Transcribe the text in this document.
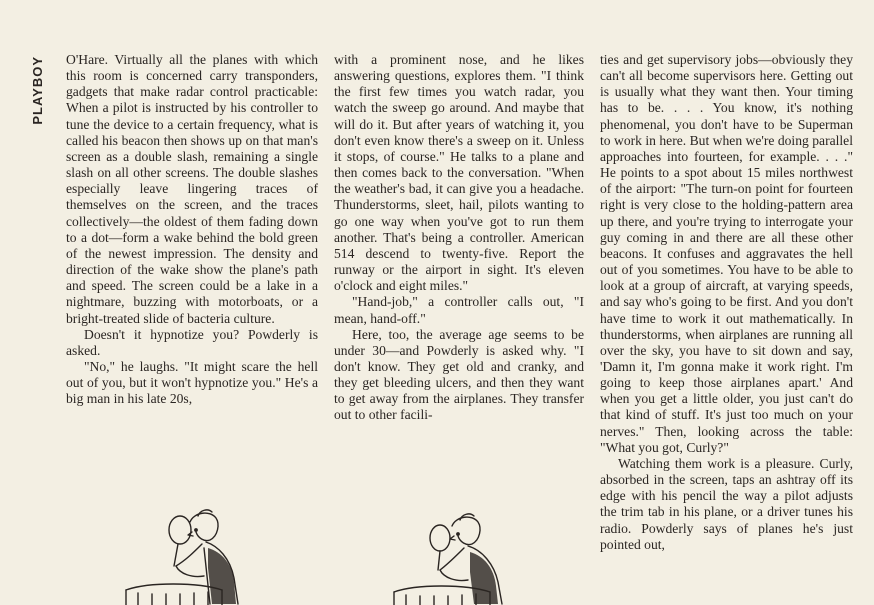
PLAYBOY O'Hare. Virtually all the planes with which this room is concerned carry transponders, gadgets that make radar control practicable: When a pilot is instructed by his controller to tune the device to a certain frequency, what is called his beacon then shows up on that man's screen as a double slash, remaining a single slash on all other screens. The double slashes especially leave lingering traces of themselves on the screen, and the traces collectively—the oldest of them fading down to a dot—form a wake behind the bold green of the newest impression. The density and direction of the wake show the plane's path and speed. The screen could be a lake in a nightmare, buzzing with motorboats, or a bright-treated slide of bacteria culture.

Doesn't it hypnotize you? Powderly is asked.

"No," he laughs. "It might scare the hell out of you, but it won't hypnotize you." He's a big man in his late 20s,

with a prominent nose, and he likes answering questions, explores them. "I think the first few times you watch radar, you watch the sweep go around. And maybe that will do it. But after years of watching it, you don't even know there's a sweep on it. Unless it stops, of course." He talks to a plane and then comes back to the conversation. "When the weather's bad, it can give you a headache. Thunderstorms, sleet, hail, pilots wanting to go one way when you've got to run them another. That's being a controller. American 514 descend to twenty-five. Report the runway or the airport in sight. It's eleven o'clock and eight miles."

"Hand-job," a controller calls out, "I mean, hand-off."

Here, too, the average age seems to be under 30—and Powderly is asked why. "I don't know. They get old and cranky, and they get bleeding ulcers, and then they want to get away from the airplanes. They transfer out to other facili-

ties and get supervisory jobs—obviously they can't all become supervisors here. Getting out is usually what they want then. Your timing has to be. . . . You know, it's nothing phenomenal, you don't have to be Superman to work in here. But when we're doing parallel approaches into fourteen, for example. . . ." He points to a spot about 15 miles northwest of the airport: "The turn-on point for fourteen right is very close to the holding-pattern area up there, and you're trying to interrogate your guy coming in and there are all these other beacons. It confuses and aggravates the hell out of you sometimes. You have to be able to look at a group of aircraft, at varying speeds, and say who's going to be first. And you don't have time to work it out mathematically. In thunderstorms, when airplanes are running all over the sky, you have to sit down and say, 'Damn it, I'm gonna make it work right. I'm going to keep those airplanes apart.' And when you get a little older, you just can't do that kind of stuff. It's just too much on your nerves." Then, looking across the table: "What you got, Curly?"

Watching them work is a pleasure. Curly, absorbed in the screen, taps an ashtray off its edge with his pencil the way a pilot adjusts the trim tab in his plane, or a driver tunes his radio. Powderly says of planes he's just pointed out,
